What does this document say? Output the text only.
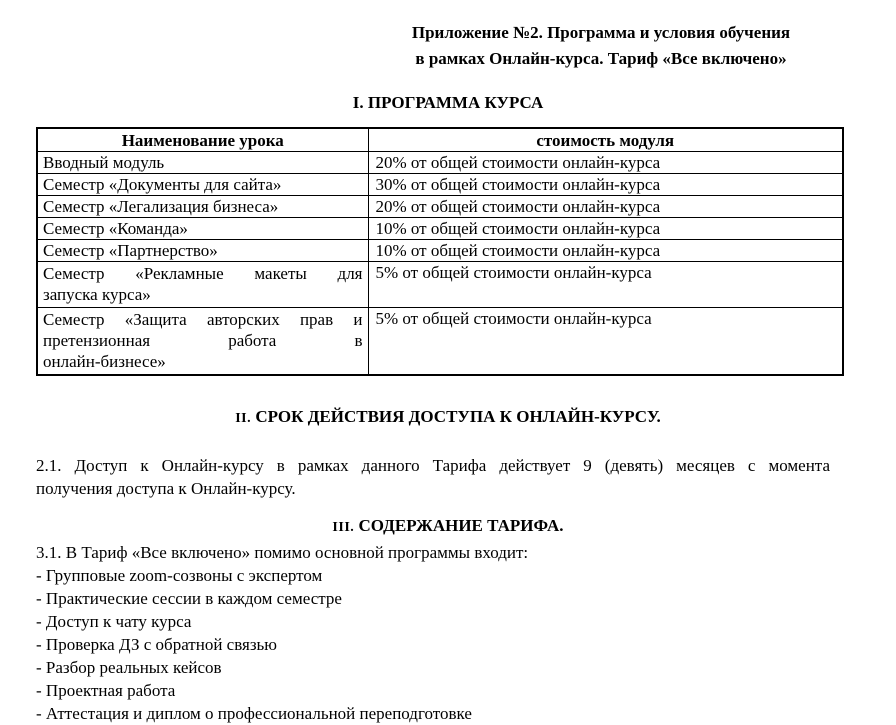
Приложение №2. Программа и условия обучения
в рамках Онлайн-курса. Тариф «Все включено»
I. ПРОГРАММА КУРСА
Наименование урока	стоимость модуля
Вводный модуль	20% от общей стоимости онлайн-курса
Семестр «Документы для сайта»	30% от общей стоимости онлайн-курса
Семестр «Легализация бизнеса»	20% от общей стоимости онлайн-курса
Семестр «Команда»	10% от общей стоимости онлайн-курса
Семестр «Партнерство»	10% от общей стоимости онлайн-курса

Семестр «Рекламные макеты для
запуска курса»	5% от общей стоимости онлайн-курса

Семестр «Защита авторских прав и
претензионная работа в
онлайн-бизнесе»	5% от общей стоимости онлайн-курса
II. СРОК ДЕЙСТВИЯ ДОСТУПА К ОНЛАЙН-КУРСУ.
2.1. Доступ к Онлайн-курсу в рамках данного Тарифа действует 9 (девять) месяцев с момента
получения доступа к Онлайн-курсу.
III. СОДЕРЖАНИЕ ТАРИФА.
3.1. В Тариф «Все включено» помимо основной программы входит:
- Групповые zoom-созвоны с экспертом
- Практические сессии в каждом семестре
- Доступ к чату курса
- Проверка ДЗ с обратной связью
- Разбор реальных кейсов
- Проектная работа
- Аттестация и диплом о профессиональной переподготовке
